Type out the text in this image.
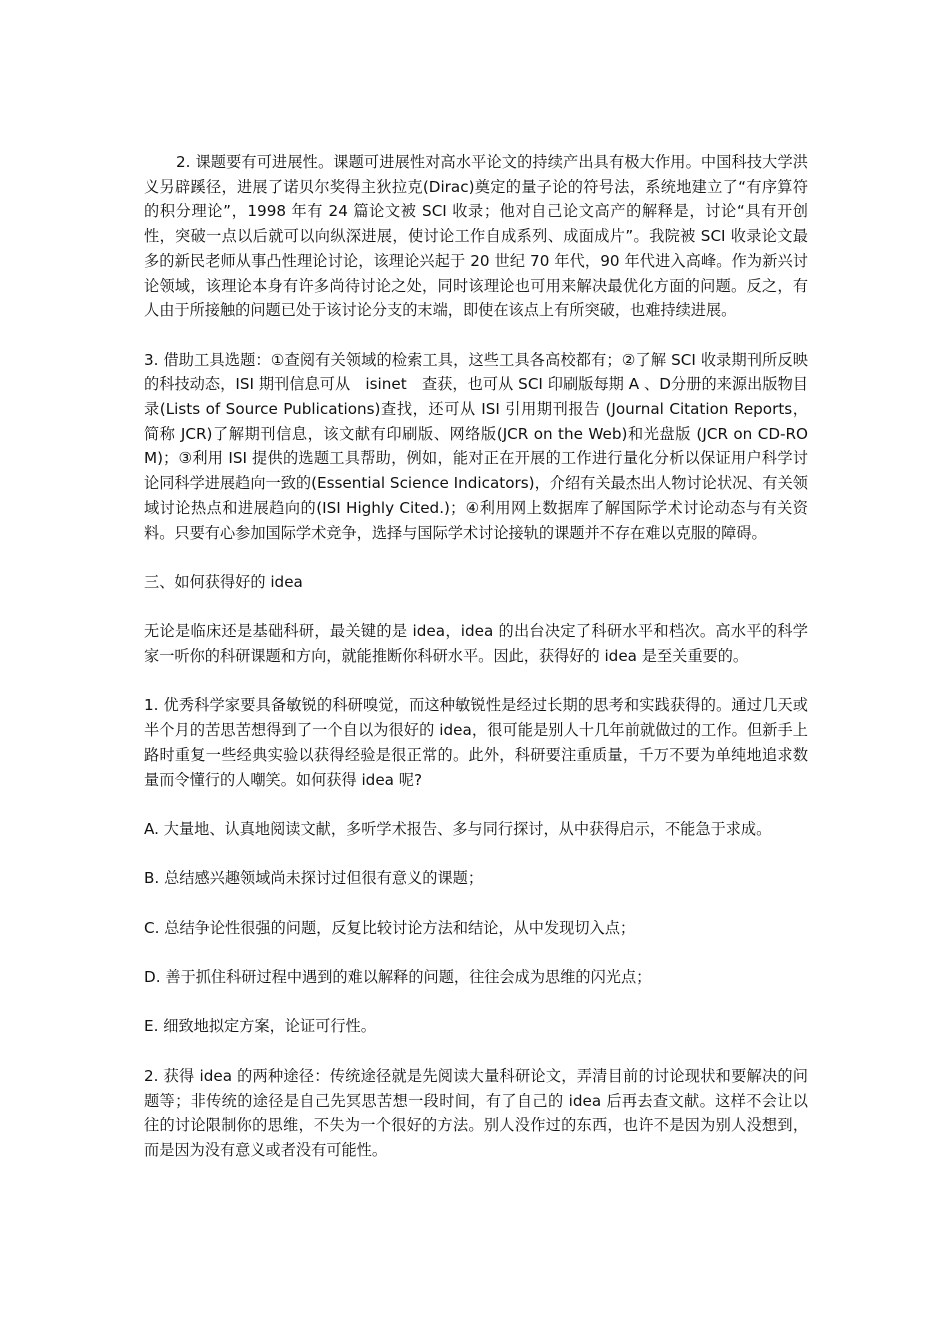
2. 课题要有可进展性。课题可进展性对高水平论文的持续产出具有极大作用。中国科技大学洪义另辟蹊径，进展了诺贝尔奖得主狄拉克(Dirac)奠定的量子论的符号法，系统地建立了“有序算符的积分理论”，1998 年有 24 篇论文被 SCI 收录；他对自己论文高产的解释是，讨论“具有开创性，突破一点以后就可以向纵深进展，使讨论工作自成系列、成面成片”。我院被 SCI 收录论文最多的新民老师从事凸性理论讨论，该理论兴起于 20 世纪 70 年代，90 年代进入高峰。作为新兴讨论领域，该理论本身有许多尚待讨论之处，同时该理论也可用来解决最优化方面的问题。反之，有人由于所接触的问题已处于该讨论分支的末端，即使在该点上有所突破，也难持续进展。

3. 借助工具选题：①查阅有关领域的检索工具，这些工具各高校都有；②了解 SCI 收录期刊所反映的科技动态，ISI 期刊信息可从　isinet　查获，也可从 SCI 印刷版每期 A 、D分册的来源出版物目录(Lists of Source Publications)查找，还可从 ISI 引用期刊报告 (Journal Citation Reports，简称 JCR)了解期刊信息，该文献有印刷版、网络版(JCR on the Web)和光盘版 (JCR on CD-ROM)；③利用 ISI 提供的选题工具帮助，例如，能对正在开展的工作进行量化分析以保证用户科学讨论同科学进展趋向一致的(Essential Science Indicators)，介绍有关最杰出人物讨论状况、有关领域讨论热点和进展趋向的(ISI Highly Cited.)；④利用网上数据库了解国际学术讨论动态与有关资料。只要有心参加国际学术竞争，选择与国际学术讨论接轨的课题并不存在难以克服的障碍。

三、如何获得好的 idea

无论是临床还是基础科研，最关键的是 idea，idea 的出台决定了科研水平和档次。高水平的科学家一听你的科研课题和方向，就能推断你科研水平。因此，获得好的 idea 是至关重要的。

1. 优秀科学家要具备敏锐的科研嗅觉，而这种敏锐性是经过长期的思考和实践获得的。通过几天或半个月的苦思苦想得到了一个自以为很好的 idea，很可能是别人十几年前就做过的工作。但新手上路时重复一些经典实验以获得经验是很正常的。此外，科研要注重质量，千万不要为单纯地追求数量而令懂行的人嘲笑。如何获得 idea 呢?

A. 大量地、认真地阅读文献，多听学术报告、多与同行探讨，从中获得启示，不能急于求成。

B. 总结感兴趣领域尚未探讨过但很有意义的课题；

C. 总结争论性很强的问题，反复比较讨论方法和结论，从中发现切入点；

D. 善于抓住科研过程中遇到的难以解释的问题，往往会成为思维的闪光点；

E. 细致地拟定方案，论证可行性。

2. 获得 idea 的两种途径：传统途径就是先阅读大量科研论文，弄清目前的讨论现状和要解决的问题等；非传统的途径是自己先冥思苦想一段时间，有了自己的 idea 后再去查文献。这样不会让以往的讨论限制你的思维，不失为一个很好的方法。别人没作过的东西，也许不是因为别人没想到，而是因为没有意义或者没有可能性。
